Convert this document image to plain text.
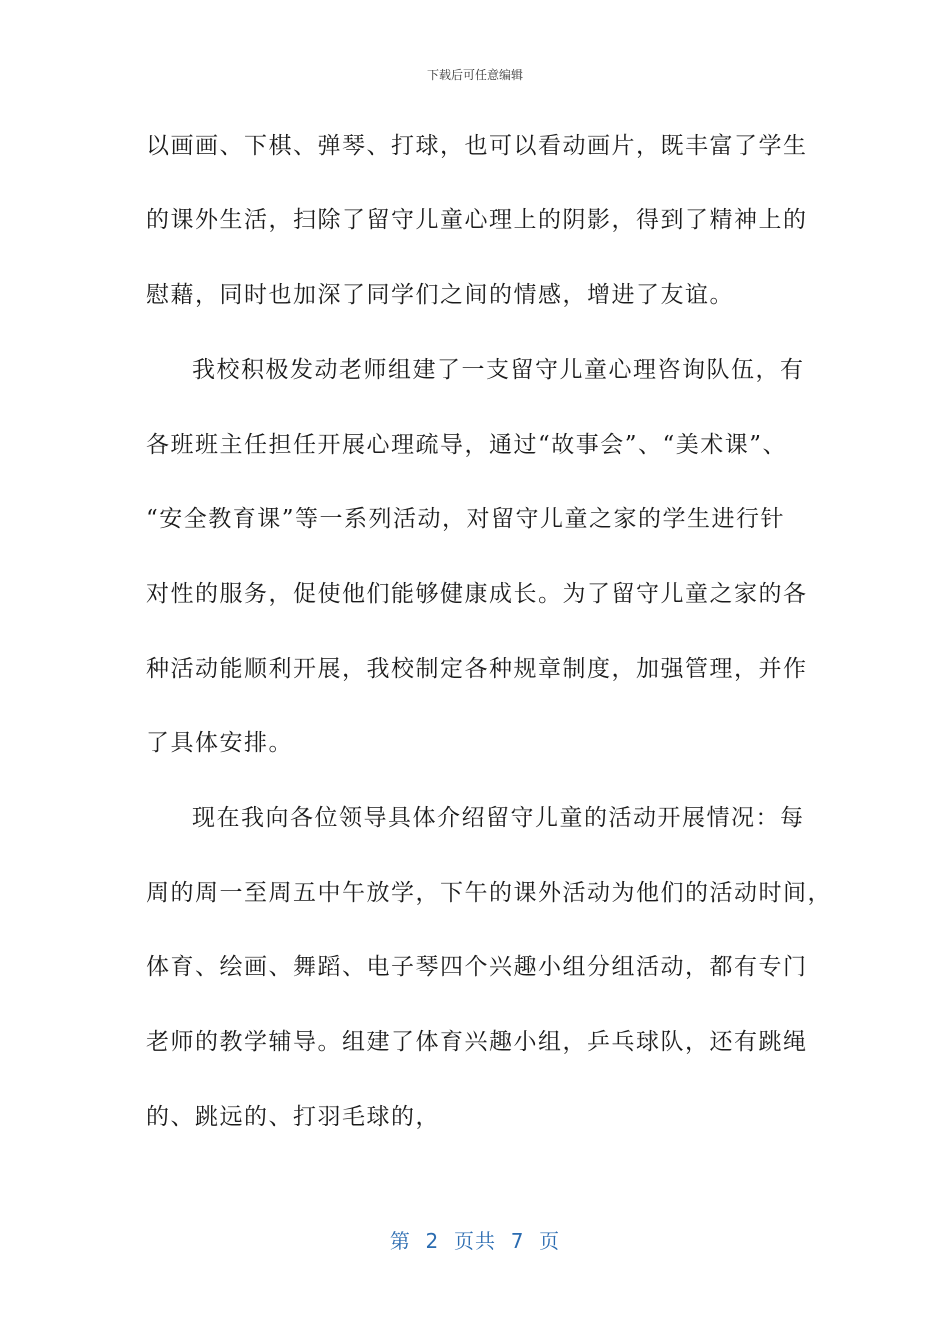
下载后可任意编辑
以画画、下棋、弹琴、打球，也可以看动画片，既丰富了学生
的课外生活，扫除了留守儿童心理上的阴影，得到了精神上的
慰藉，同时也加深了同学们之间的情感，增进了友谊。
我校积极发动老师组建了一支留守儿童心理咨询队伍，有
各班班主任担任开展心理疏导，通过“故事会”、“美术课”、
“安全教育课”等一系列活动，对留守儿童之家的学生进行针
对性的服务，促使他们能够健康成长。为了留守儿童之家的各
种活动能顺利开展，我校制定各种规章制度，加强管理，并作
了具体安排。
现在我向各位领导具体介绍留守儿童的活动开展情况：每
周的周一至周五中午放学，下午的课外活动为他们的活动时间，
体育、绘画、舞蹈、电子琴四个兴趣小组分组活动，都有专门
老师的教学辅导。组建了体育兴趣小组，乒乓球队，还有跳绳
的、跳远的、打羽毛球的，
第  2  页共  7  页
